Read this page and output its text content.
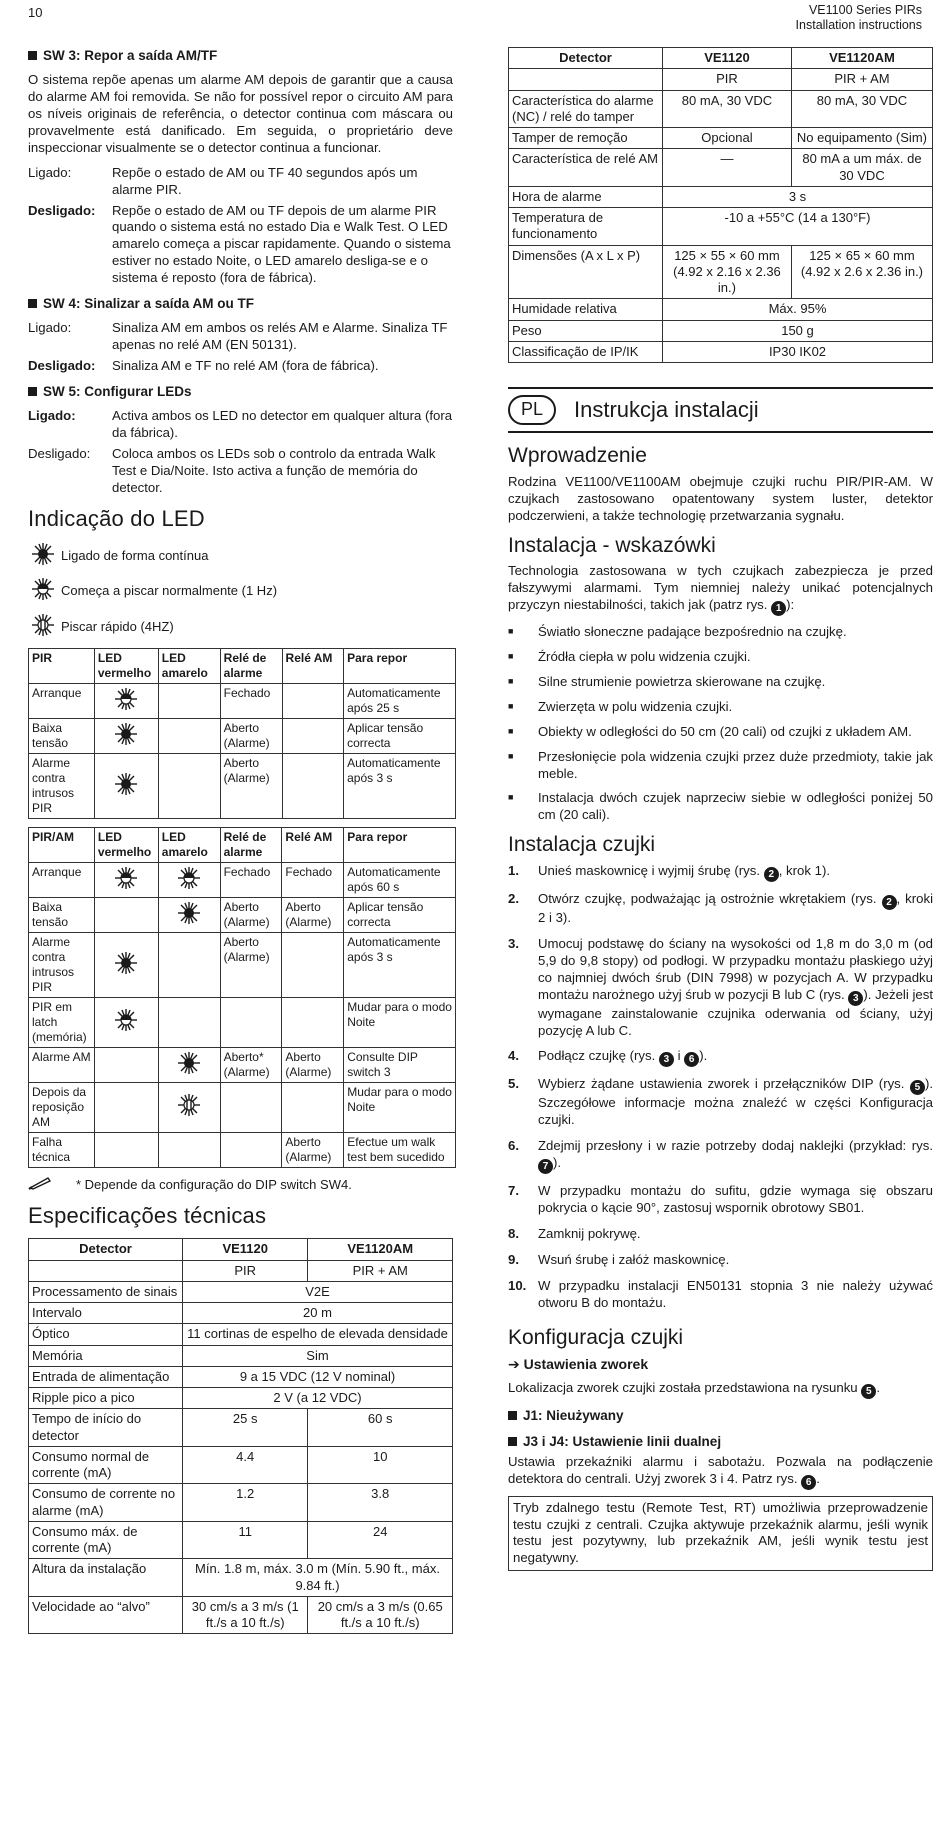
10	VE1100 Series PIRs
Installation instructions
SW 3: Repor a saída AM/TF
O sistema repõe apenas um alarme AM depois de garantir que a causa do alarme AM foi removida. Se não for possível repor o circuito AM para os níveis originais de referência, o detector continua com máscara ou provavelmente está danificado. Em seguida, o proprietário deve inspeccionar visualmente se o detector continua a funcionar.
Ligado:	Repõe o estado de AM ou TF 40 segundos após um alarme PIR.
Desligado:	Repõe o estado de AM ou TF depois de um alarme PIR quando o sistema está no estado Dia e Walk Test. O LED amarelo começa a piscar rapidamente. Quando o sistema estiver no estado Noite, o LED amarelo desliga-se e o sistema é reposto (fora de fábrica).
SW 4: Sinalizar a saída AM ou TF
Ligado:	Sinaliza AM em ambos os relés AM e Alarme. Sinaliza TF apenas no relé AM (EN 50131).
Desligado:	Sinaliza AM e TF no relé AM (fora de fábrica).
SW 5: Configurar LEDs
Ligado:	Activa ambos os LED no detector em qualquer altura (fora da fábrica).
Desligado:	Coloca ambos os LEDs sob o controlo da entrada Walk Test e Dia/Noite. Isto activa a função de memória do detector.
Indicação do LED
Ligado de forma contínua
Começa a piscar normalmente (1 Hz)
Piscar rápido (4HZ)
PIR	LED vermelho	LED amarelo	Relé de alarme	Relé AM	Para repor
Arranque			Fechado		Automaticamente após 25 s
Baixa tensão			Aberto (Alarme)		Aplicar tensão correcta
Alarme contra intrusos PIR			Aberto (Alarme)		Automaticamente após 3 s
PIR/AM	LED vermelho	LED amarelo	Relé de alarme	Relé AM	Para repor
Arranque			Fechado	Fechado	Automaticamente após 60 s
Baixa tensão			Aberto (Alarme)	Aberto (Alarme)	Aplicar tensão correcta
Alarme contra intrusos PIR			Aberto (Alarme)		Automaticamente após 3 s
PIR em latch (memória)					Mudar para o modo Noite
Alarme AM			Aberto* (Alarme)	Aberto (Alarme)	Consulte DIP switch 3
Depois da reposição AM					Mudar para o modo Noite
Falha técnica				Aberto (Alarme)	Efectue um walk test bem sucedido
* Depende da configuração do DIP switch SW4.
Especificações técnicas
Detector	VE1120	VE1120AM
	PIR	PIR + AM
Processamento de sinais	V2E	
Intervalo	20 m	
Óptico	11 cortinas de espelho de elevada densidade	
Memória	Sim	
Entrada de alimentação	9 a 15 VDC (12 V nominal)	
Ripple pico a pico	2 V (a 12 VDC)	
Tempo de início do detector	25 s	60 s
Consumo normal de corrente (mA)	4.4	10
Consumo de corrente no alarme (mA)	1.2	3.8
Consumo máx. de corrente (mA)	11	24
Altura da instalação	Mín. 1.8 m, máx. 3.0 m (Mín. 5.90 ft., máx. 9.84 ft.)	
Velocidade ao “alvo”	30 cm/s a 3 m/s (1 ft./s a 10 ft./s)	20 cm/s a 3 m/s (0.65 ft./s a 10 ft./s)
Detector	VE1120	VE1120AM
	PIR	PIR + AM
Característica do alarme (NC) / relé do tamper	80 mA, 30 VDC	80 mA, 30 VDC
Tamper de remoção	Opcional	No equipamento (Sim)
Característica de relé AM	—	80 mA a um máx. de 30 VDC
Hora de alarme	3 s	
Temperatura de funcionamento	-10 a +55°C (14 a 130°F)	
Dimensões (A x L x P)	125 × 55 × 60 mm (4.92 x 2.16 x 2.36 in.)	125 × 65 × 60 mm (4.92 x 2.6 x 2.36 in.)
Humidade relativa	Máx. 95%	
Peso	150 g	
Classificação de IP/IK	IP30 IK02	
PL	Instrukcja instalacji
Wprowadzenie
Rodzina VE1100/VE1100AM obejmuje czujki ruchu PIR/PIR-AM. W czujkach zastosowano opatentowany system luster, detektor podczerwieni, a także technologię przetwarzania sygnału.
Instalacja - wskazówki
Technologia zastosowana w tych czujkach zabezpiecza je przed fałszywymi alarmami. Tym niemniej należy unikać potencjalnych przyczyn niestabilności, takich jak (patrz rys. 1 ):
■	Światło słoneczne padające bezpośrednio na czujkę.
■	Źródła ciepła w polu widzenia czujki.
■	Silne strumienie powietrza skierowane na czujkę.
■	Zwierzęta w polu widzenia czujki.
■	Obiekty w odległości do 50 cm (20 cali) od czujki z układem AM.
■	Przesłonięcie pola widzenia czujki przez duże przedmioty, takie jak meble.
■	Instalacja dwóch czujek naprzeciw siebie w odległości poniżej 50 cm (20 cali).
Instalacja czujki
1.	Unieś maskownicę i wyjmij śrubę (rys. 2 , krok 1).
2.	Otwórz czujkę, podważając ją ostrożnie wkrętakiem (rys. 2 , kroki 2 i 3).
3.	Umocuj podstawę do ściany na wysokości od 1,8 m do 3,0 m (od 5,9 do 9,8 stopy) od podłogi. W przypadku montażu płaskiego użyj co najmniej dwóch śrub (DIN 7998) w pozycjach A. W przypadku montażu narożnego użyj śrub w pozycji B lub C (rys. 3 ). Jeżeli jest wymagane zainstalowanie czujnika oderwania od ściany, użyj pozycję A lub C.
4.	Podłącz czujkę (rys. 3 i 6 ).
5.	Wybierz żądane ustawienia zworek i przełączników DIP (rys. 5 ). Szczegółowe informacje można znaleźć w części Konfiguracja czujki.
6.	Zdejmij przesłony i w razie potrzeby dodaj naklejki (przykład: rys. 7 ).
7.	W przypadku montażu do sufitu, gdzie wymaga się obszaru pokrycia o kącie 90°, zastosuj wspornik obrotowy SB01.
8.	Zamknij pokrywę.
9.	Wsuń śrubę i załóż maskownicę.
10. W przypadku instalacji EN50131 stopnia 3 nie należy używać otworu B do montażu.
Konfiguracja czujki
➔ Ustawienia zworek
Lokalizacja zworek czujki została przedstawiona na rysunku 5 .
J1: Nieużywany
J3 i J4: Ustawienie linii dualnej
Ustawia przekaźniki alarmu i sabotażu. Pozwala na podłączenie detektora do centrali. Użyj zworek 3 i 4. Patrz rys. 6 .
Tryb zdalnego testu (Remote Test, RT) umożliwia przeprowadzenie testu czujki z centrali. Czujka aktywuje przekaźnik alarmu, jeśli wynik testu jest pozytywny, lub przekaźnik AM, jeśli wynik testu jest negatywny.
